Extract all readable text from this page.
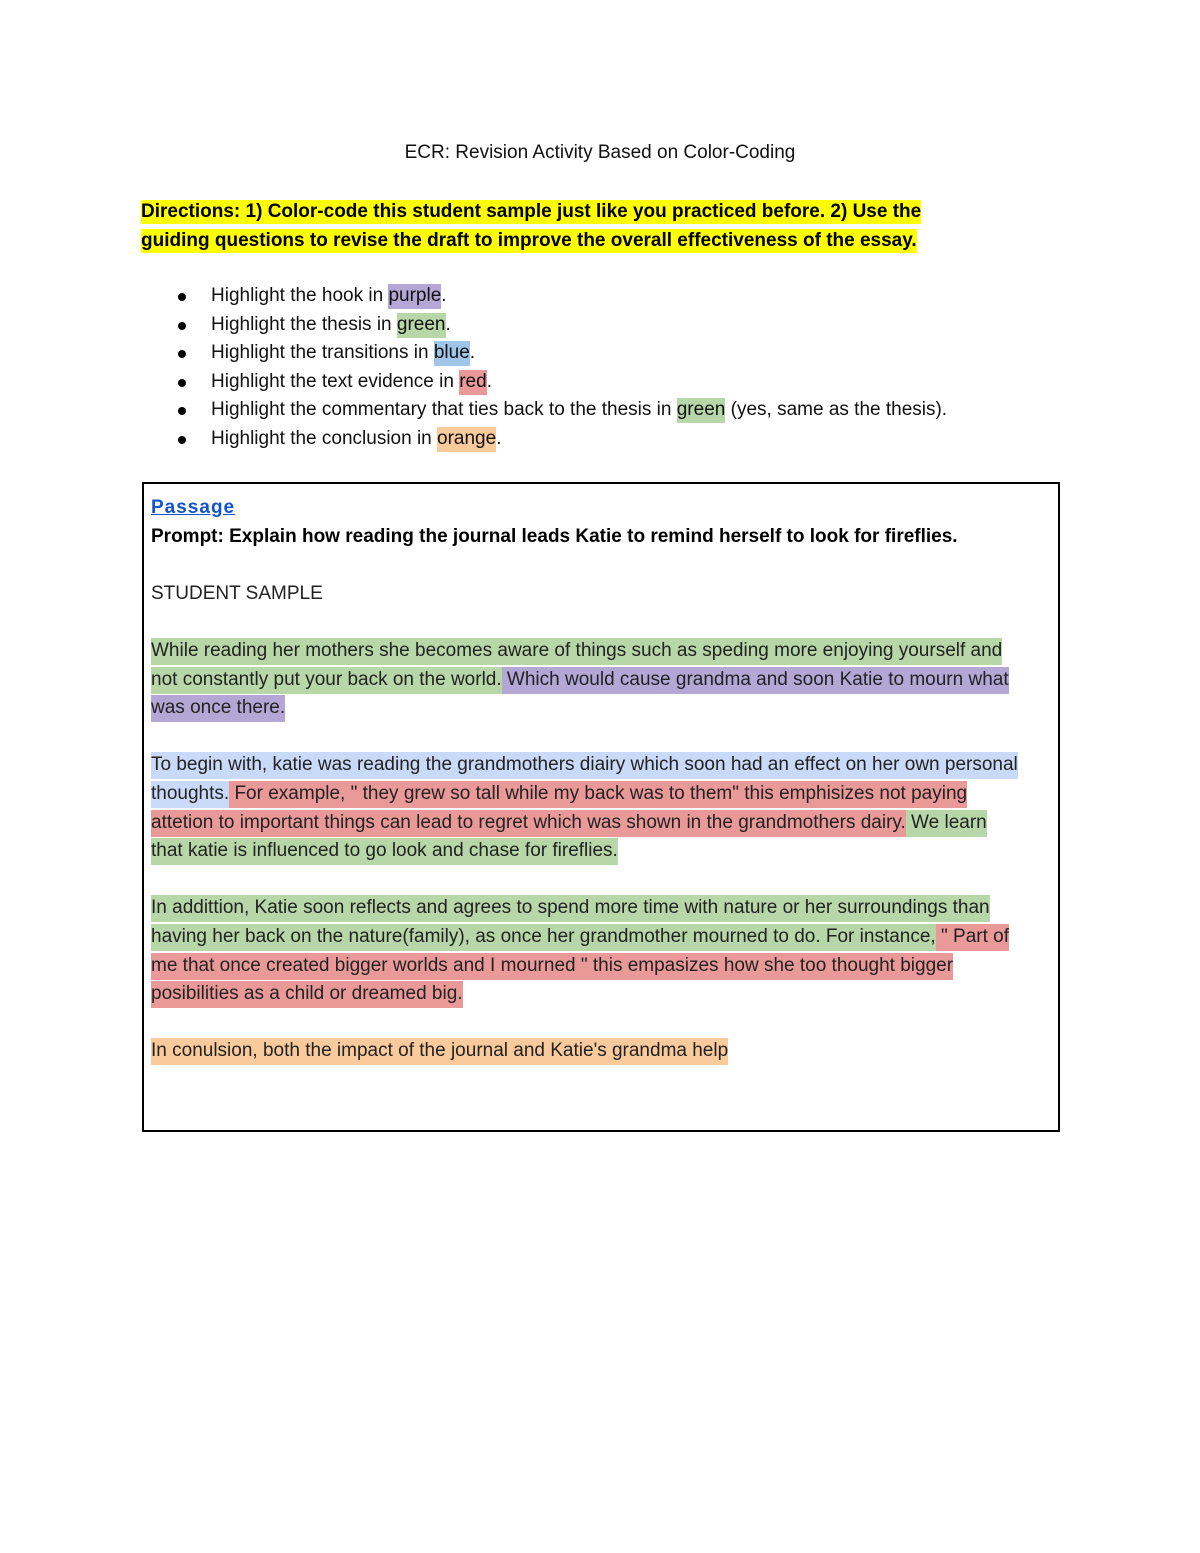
ECR: Revision Activity Based on Color-Coding
Directions: 1) Color-code this student sample just like you practiced before. 2) Use the
guiding questions to revise the draft to improve the overall effectiveness of the essay.
Highlight the hook in purple.
Highlight the thesis in green.
Highlight the transitions in blue.
Highlight the text evidence in red.
Highlight the commentary that ties back to the thesis in green (yes, same as the thesis).
Highlight the conclusion in orange.
Passage

Prompt: Explain how reading the journal leads Katie to remind herself to look for fireflies.

STUDENT SAMPLE

While reading her mothers she becomes aware of things such as speding more enjoying yourself and not constantly put your back on the world. Which would cause grandma and soon Katie to mourn what was once there.

To begin with, katie was reading the grandmothers diairy which soon had an effect on her own personal thoughts. For example, " they grew so tall while my back was to them" this emphisizes not paying attetion to important things can lead to regret which was shown in the grandmothers dairy. We learn that katie is influenced to go look and chase for fireflies.

In addittion, Katie soon reflects and agrees to spend more time with nature or her surroundings than having her back on the nature(family), as once her grandmother mourned to do. For instance, " Part of me that once created bigger worlds and I mourned " this empasizes how she too thought bigger posibilities as a child or dreamed big.

In conulsion, both the impact of the journal and Katie's grandma help
